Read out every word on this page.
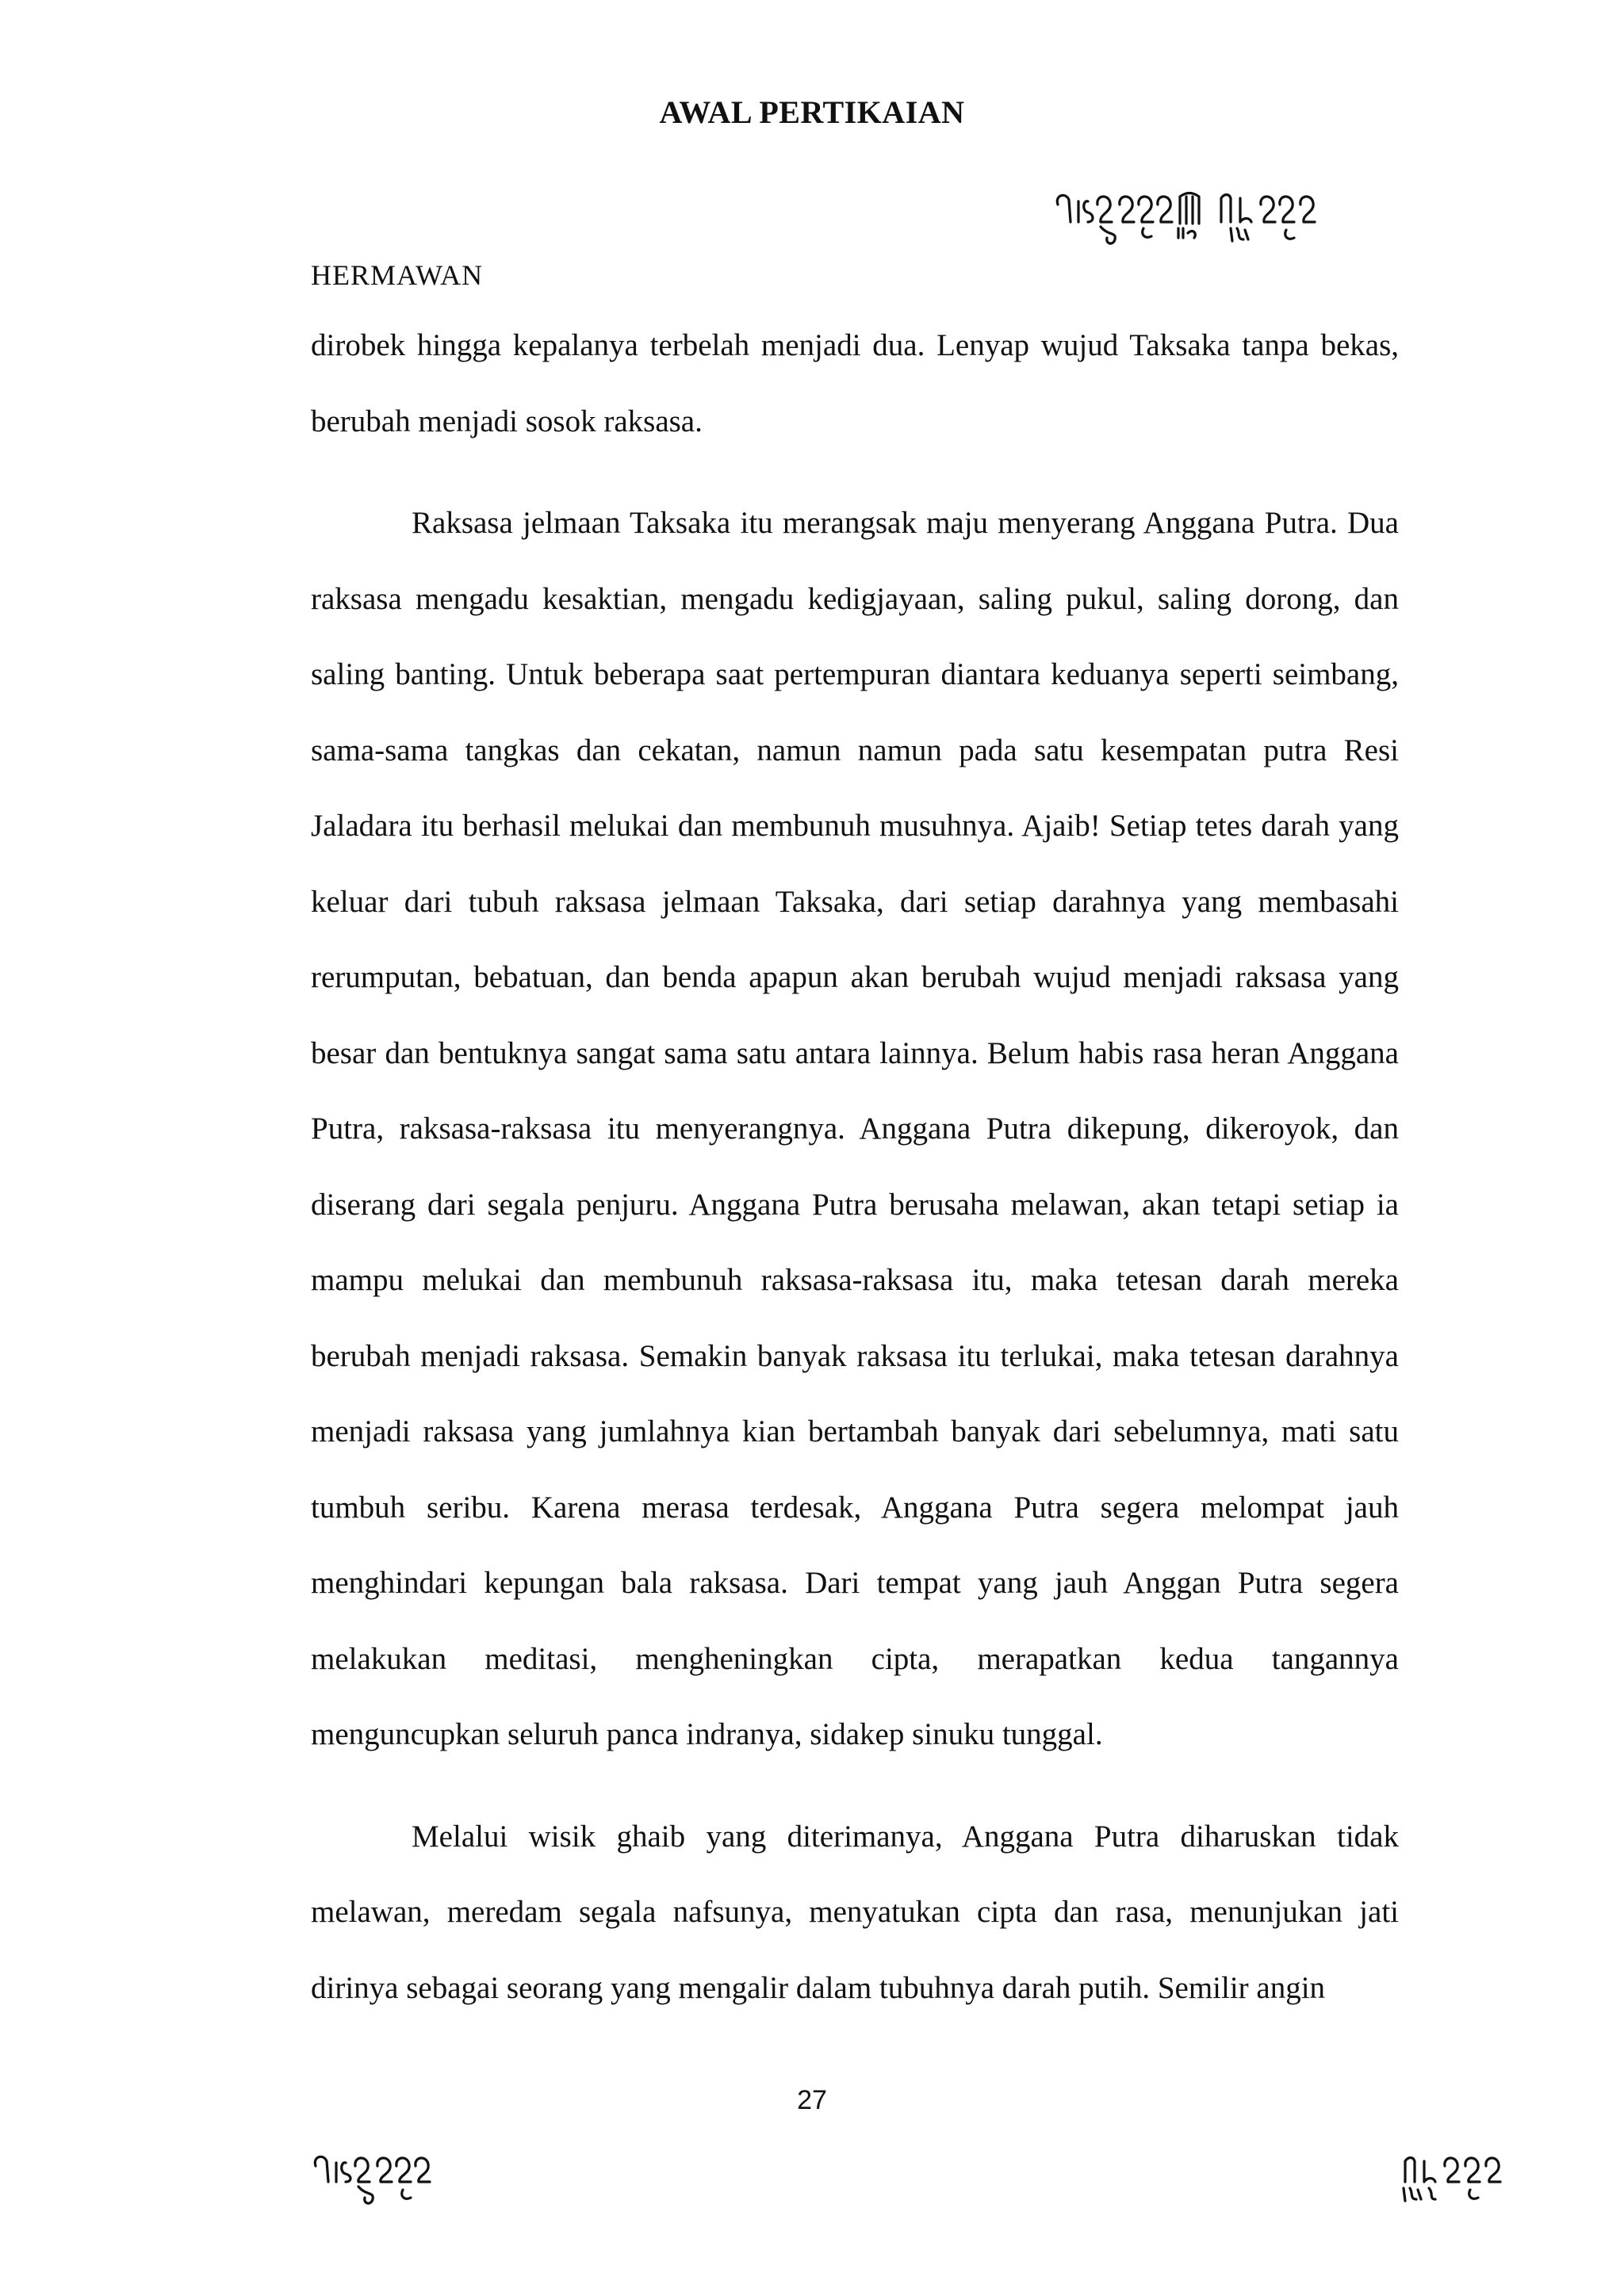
AWAL PERTIKAIAN
HERMAWAN

dirobek hingga kepalanya terbelah menjadi dua. Lenyap wujud Taksaka tanpa bekas, berubah menjadi sosok raksasa.

Raksasa jelmaan Taksaka itu merangsak maju menyerang Anggana Putra. Dua raksasa mengadu kesaktian, mengadu kedigjayaan, saling pukul, saling dorong, dan saling banting. Untuk beberapa saat pertempuran diantara keduanya seperti seimbang, sama-sama tangkas dan cekatan, namun namun pada satu kesempatan putra Resi Jaladara itu berhasil melukai dan membunuh musuhnya. Ajaib! Setiap tetes darah yang keluar dari tubuh raksasa jelmaan Taksaka, dari setiap darahnya yang membasahi rerumputan, bebatuan, dan benda apapun akan berubah wujud menjadi raksasa yang besar dan bentuknya sangat sama satu antara lainnya. Belum habis rasa heran Anggana Putra, raksasa-raksasa itu menyerangnya. Anggana Putra dikepung, dikeroyok, dan diserang dari segala penjuru. Anggana Putra berusaha melawan, akan tetapi setiap ia mampu melukai dan membunuh raksasa-raksasa itu, maka tetesan darah mereka berubah menjadi raksasa. Semakin banyak raksasa itu terlukai, maka tetesan darahnya menjadi raksasa yang jumlahnya kian bertambah banyak dari sebelumnya, mati satu tumbuh seribu. Karena merasa terdesak, Anggana Putra segera melompat jauh menghindari kepungan bala raksasa. Dari tempat yang jauh Anggan Putra segera melakukan meditasi, mengheningkan cipta, merapatkan kedua tangannya menguncupkan seluruh panca indranya, sidakep sinuku tunggal.

Melalui wisik ghaib yang diterimanya, Anggana Putra diharuskan tidak melawan, meredam segala nafsunya, menyatukan cipta dan rasa, menunjukan jati dirinya sebagai seorang yang mengalir dalam tubuhnya darah putih. Semilir angin

27
